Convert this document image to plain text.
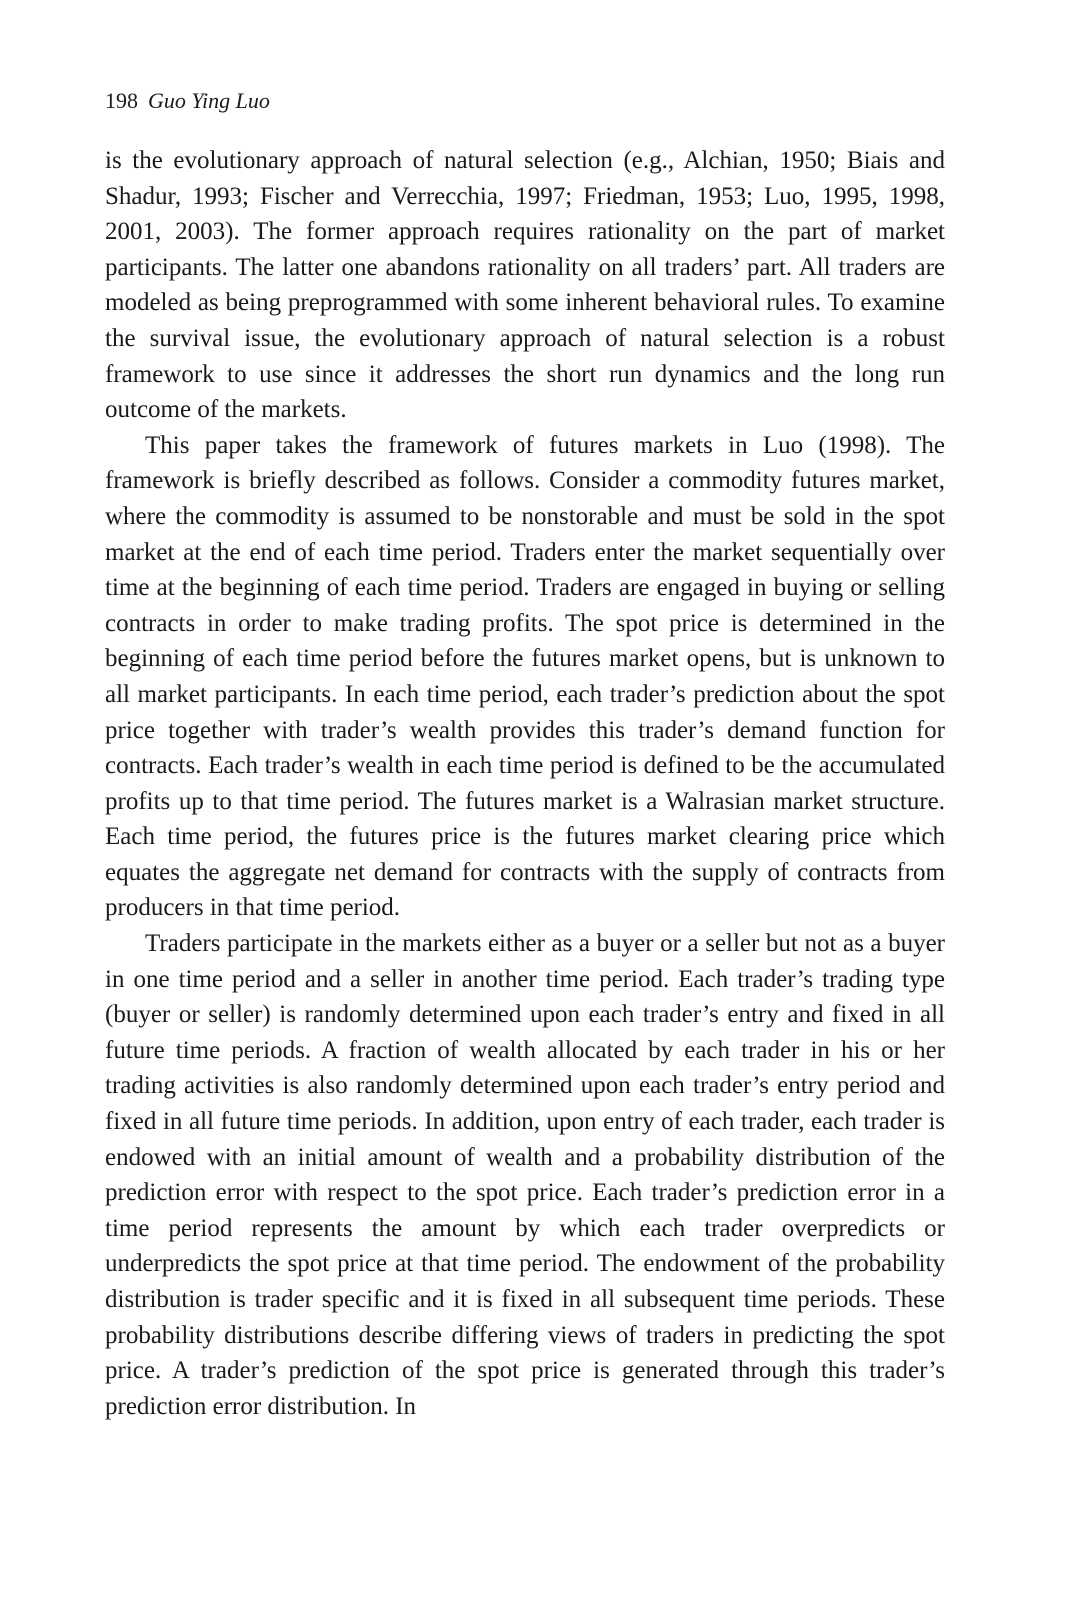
198 Guo Ying Luo

is the evolutionary approach of natural selection (e.g., Alchian, 1950; Biais and Shadur, 1993; Fischer and Verrecchia, 1997; Friedman, 1953; Luo, 1995, 1998, 2001, 2003). The former approach requires rationality on the part of market participants. The latter one abandons rationality on all traders’ part. All traders are modeled as being preprogrammed with some inherent behavioral rules. To examine the survival issue, the evolutionary approach of natural selection is a robust framework to use since it addresses the short run dynamics and the long run outcome of the markets.

This paper takes the framework of futures markets in Luo (1998). The framework is briefly described as follows. Consider a commodity futures market, where the commodity is assumed to be nonstorable and must be sold in the spot market at the end of each time period. Traders enter the market sequentially over time at the beginning of each time period. Traders are engaged in buying or selling contracts in order to make trading profits. The spot price is determined in the beginning of each time period before the futures market opens, but is unknown to all market participants. In each time period, each trader’s prediction about the spot price together with trader’s wealth provides this trader’s demand function for contracts. Each trader’s wealth in each time period is defined to be the accumulated profits up to that time period. The futures market is a Walrasian market structure. Each time period, the futures price is the futures market clearing price which equates the aggregate net demand for contracts with the supply of contracts from producers in that time period.

Traders participate in the markets either as a buyer or a seller but not as a buyer in one time period and a seller in another time period. Each trader’s trading type (buyer or seller) is randomly determined upon each trader’s entry and fixed in all future time periods. A fraction of wealth allocated by each trader in his or her trading activities is also randomly determined upon each trader’s entry period and fixed in all future time periods. In addition, upon entry of each trader, each trader is endowed with an initial amount of wealth and a probability distribution of the prediction error with respect to the spot price. Each trader’s prediction error in a time period represents the amount by which each trader overpredicts or underpredicts the spot price at that time period. The endowment of the probability distribution is trader specific and it is fixed in all subsequent time periods. These probability distributions describe differing views of traders in predicting the spot price. A trader’s prediction of the spot price is generated through this trader’s prediction error distribution. In
